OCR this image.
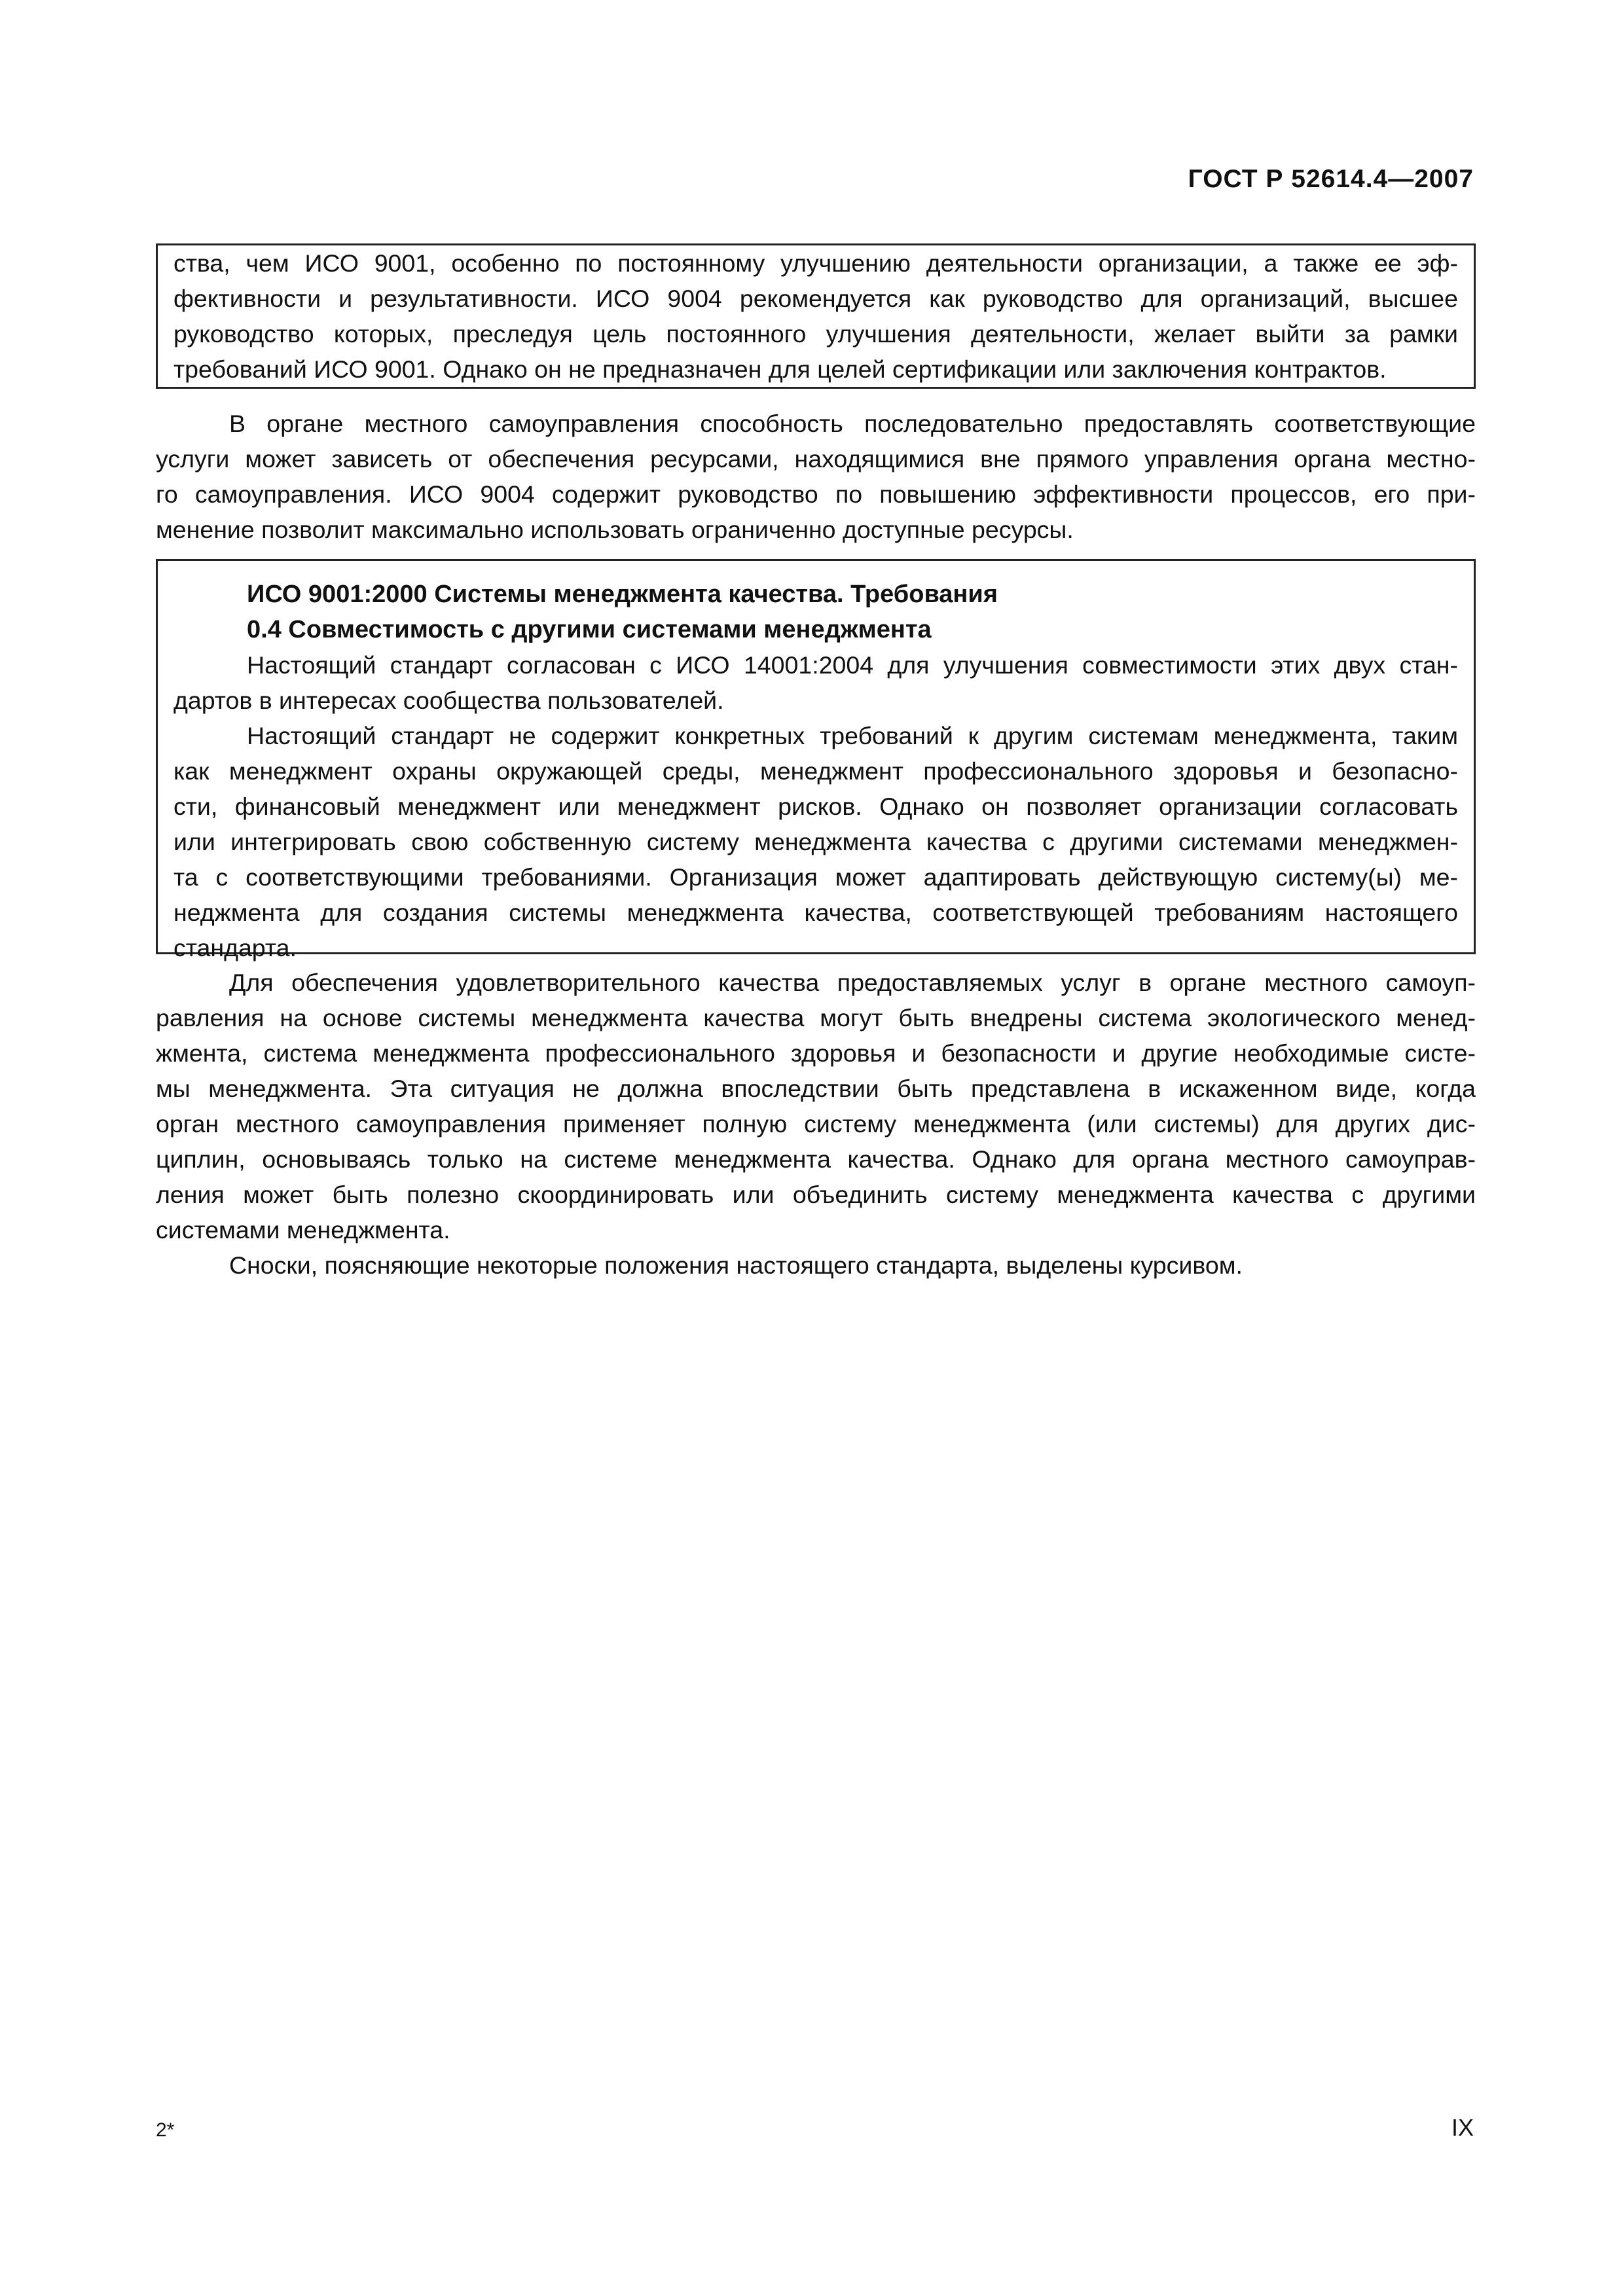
ГОСТ Р 52614.4—2007
ства, чем ИСО 9001, особенно по постоянному улучшению деятельности организации, а также ее эф-
фективности и результативности. ИСО 9004 рекомендуется как руководство для организаций, высшее
руководство которых, преследуя цель постоянного улучшения деятельности, желает выйти за рамки
требований ИСО 9001. Однако он не предназначен для целей сертификации или заключения контрактов.
В органе местного самоуправления способность последовательно предоставлять соответствующие
услуги может зависеть от обеспечения ресурсами, находящимися вне прямого управления органа местно-
го самоуправления. ИСО 9004 содержит руководство по повышению эффективности процессов, его при-
менение позволит максимально использовать ограниченно доступные ресурсы.
ИСО 9001:2000 Системы менеджмента качества. Требования
0.4 Совместимость с другими системами менеджмента
Настоящий стандарт согласован с ИСО 14001:2004 для улучшения совместимости этих двух стан-
дартов в интересах сообщества пользователей.
Настоящий стандарт не содержит конкретных требований к другим системам менеджмента, таким
как менеджмент охраны окружающей среды, менеджмент профессионального здоровья и безопасно-
сти, финансовый менеджмент или менеджмент рисков. Однако он позволяет организации согласовать
или интегрировать свою собственную систему менеджмента качества с другими системами менеджмен-
та с соответствующими требованиями. Организация может адаптировать действующую систему(ы) ме-
неджмента для создания системы менеджмента качества, соответствующей требованиям настоящего
стандарта.
Для обеспечения удовлетворительного качества предоставляемых услуг в органе местного самоуп-
равления на основе системы менеджмента качества могут быть внедрены система экологического менед-
жмента, система менеджмента профессионального здоровья и безопасности и другие необходимые систе-
мы менеджмента. Эта ситуация не должна впоследствии быть представлена в искаженном виде, когда
орган местного самоуправления применяет полную систему менеджмента (или системы) для других дис-
циплин, основываясь только на системе менеджмента качества. Однако для органа местного самоуправ-
ления может быть полезно скоординировать или объединить систему менеджмента качества с другими
системами менеджмента.
Сноски, поясняющие некоторые положения настоящего стандарта, выделены курсивом.
2*	IX
